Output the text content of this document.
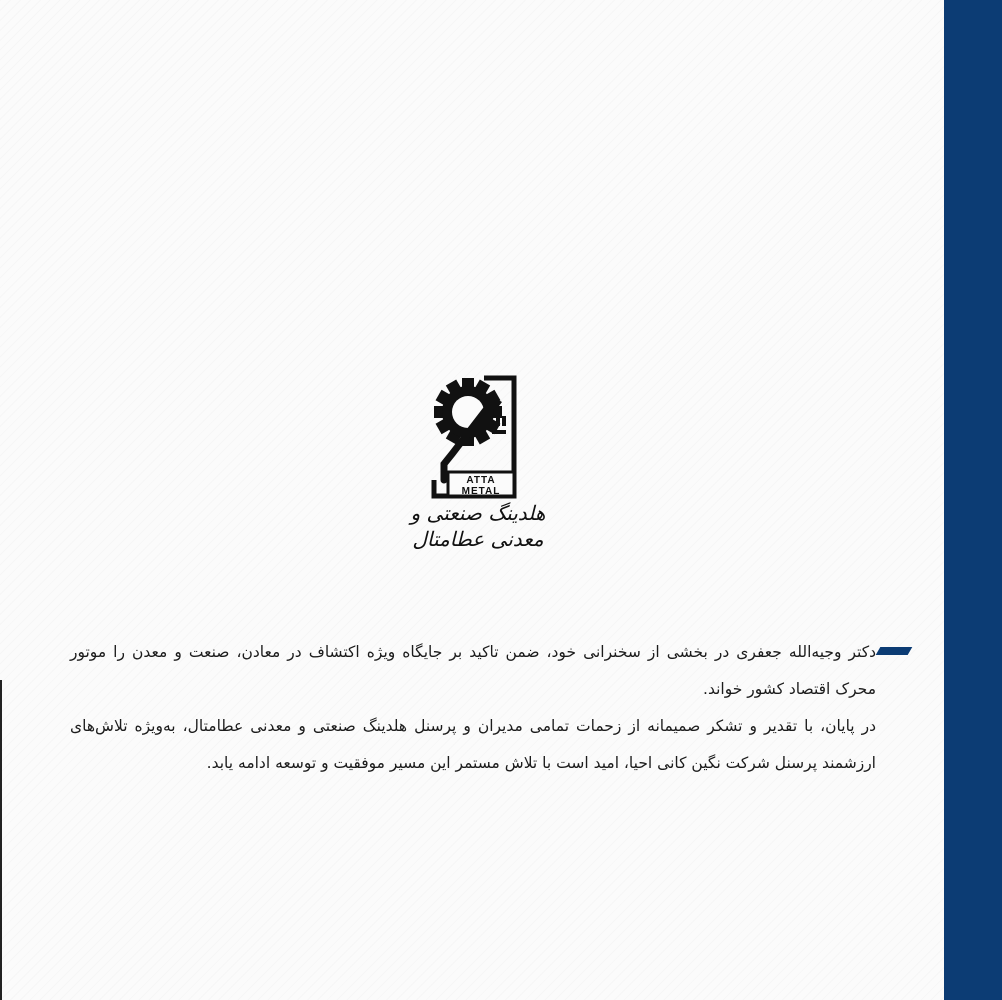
ATTA
METAL
هلدینگ صنعتی و معدنی عطامتال

دکتر وجیه‌الله جعفری در بخشی از سخنرانی خود، ضمن تاکید بر جایگاه ویژه اکتشاف در معادن، صنعت و معدن را موتور محرک اقتصاد کشور خواند.

در پایان، با تقدیر و تشکر صمیمانه از زحمات تمامی مدیران و پرسنل هلدینگ صنعتی و معدنی عطامتال، به‌ویژه تلاش‌های ارزشمند پرسنل شرکت نگین کانی احیا، امید است با تلاش مستمر این مسیر موفقیت و توسعه ادامه یابد.
